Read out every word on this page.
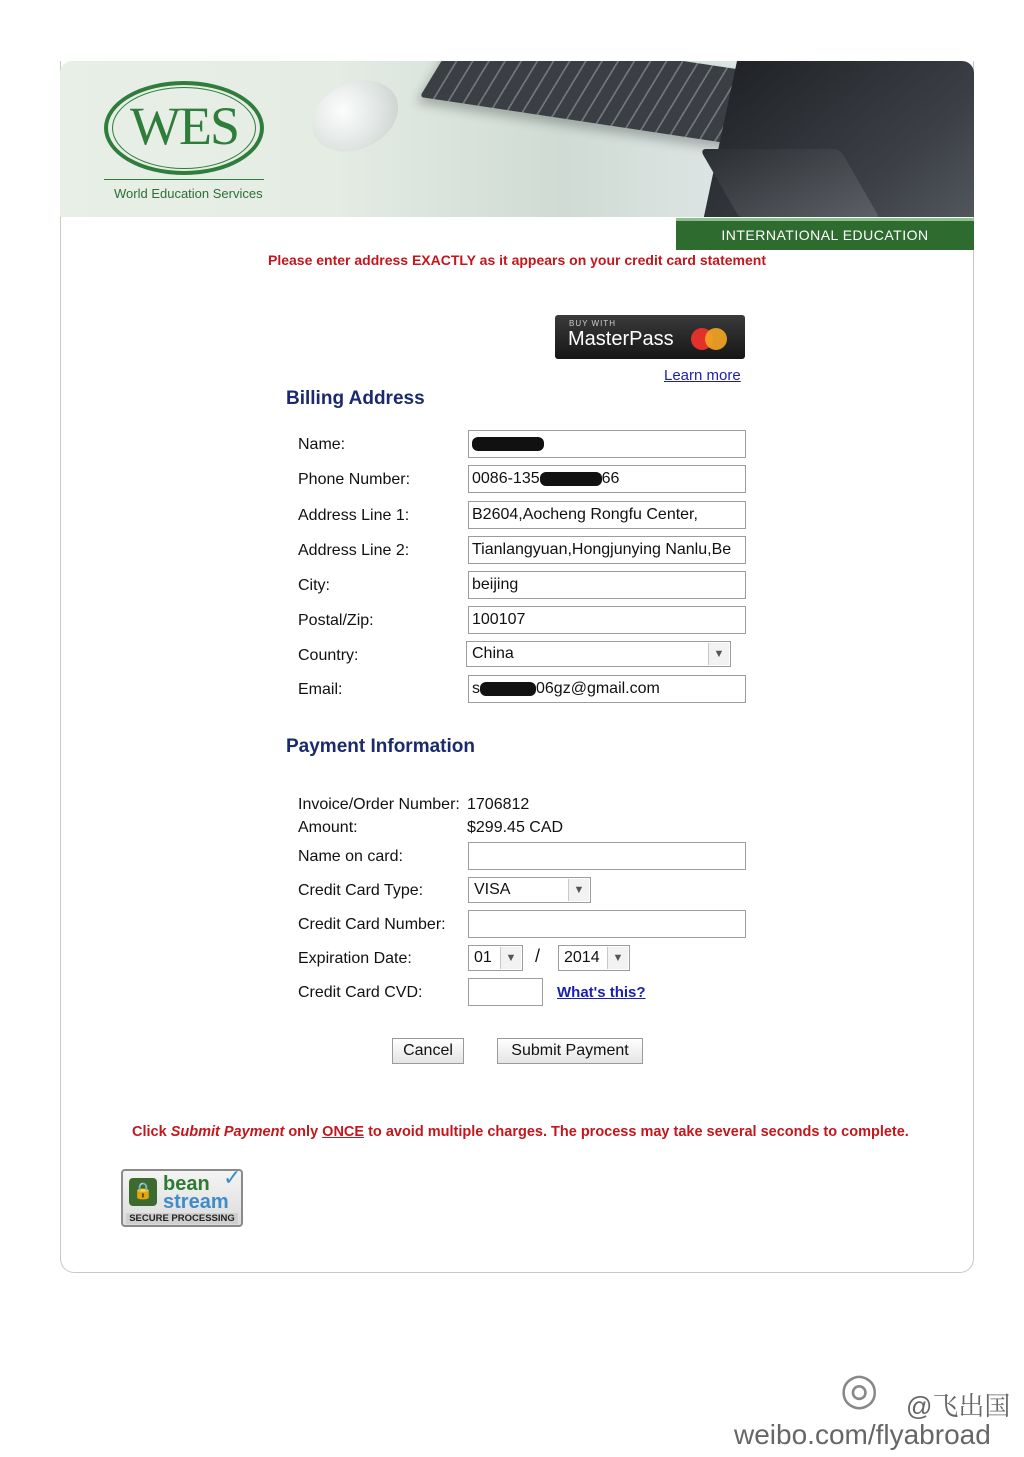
WES
World Education Services
INTERNATIONAL EDUCATION INTELLIGENCE
Please enter address EXACTLY as it appears on your credit card statement
BUY WITH
MasterPass
Learn more
Billing Address
Name:
Phone Number:	0086-135	66
Address Line 1:	B2604,Aocheng Rongfu Center,
Address Line 2:	Tianlangyuan,Hongjunying Nanlu,Be
City:	beijing
Postal/Zip:	100107
Country:	China	▼
Email:	s	06gz@gmail.com
Payment Information
Invoice/Order Number: 1706812
Amount:	$299.45 CAD
Name on card:
Credit Card Type:	VISA	▼
Credit Card Number:
Expiration Date:	01	▼ /	2014	▼
Credit Card CVD:	What's this?
Cancel	Submit Payment
Click Submit Payment only ONCE to avoid multiple charges. The process may take several seconds to complete.
🔒 bean
stream
✓
SECURE PROCESSING
◎ @飞出国
weibo.com/flyabroad
